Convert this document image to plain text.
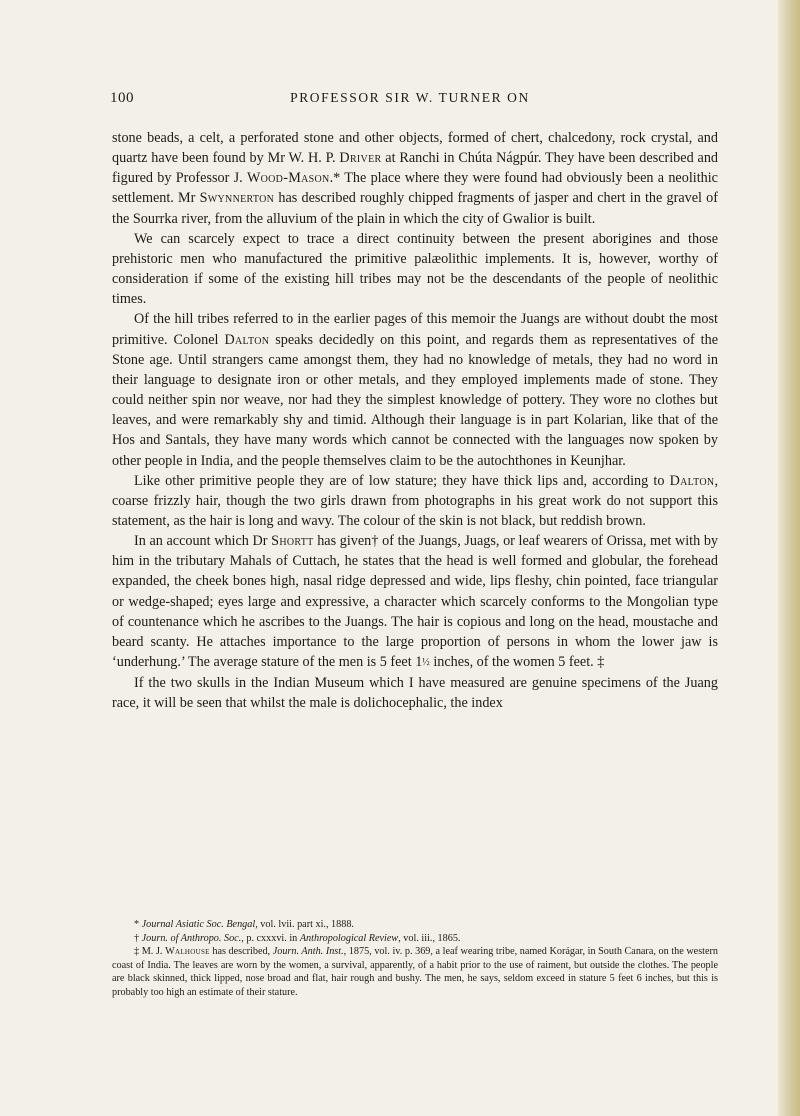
100	PROFESSOR SIR W. TURNER ON

stone beads, a celt, a perforated stone and other objects, formed of chert, chalcedony, rock crystal, and quartz have been found by Mr W. H. P. Driver at Ranchi in Chúta Nágpúr. They have been described and figured by Professor J. Wood-Mason.* The place where they were found had obviously been a neolithic settlement. Mr Swynnerton has described roughly chipped fragments of jasper and chert in the gravel of the Sourrka river, from the alluvium of the plain in which the city of Gwalior is built.

We can scarcely expect to trace a direct continuity between the present aborigines and those prehistoric men who manufactured the primitive palæolithic implements. It is, however, worthy of consideration if some of the existing hill tribes may not be the descendants of the people of neolithic times.

Of the hill tribes referred to in the earlier pages of this memoir the Juangs are without doubt the most primitive. Colonel Dalton speaks decidedly on this point, and regards them as representatives of the Stone age. Until strangers came amongst them, they had no knowledge of metals, they had no word in their language to designate iron or other metals, and they employed implements made of stone. They could neither spin nor weave, nor had they the simplest knowledge of pottery. They wore no clothes but leaves, and were remarkably shy and timid. Although their language is in part Kolarian, like that of the Hos and Santals, they have many words which cannot be connected with the languages now spoken by other people in India, and the people themselves claim to be the autochthones in Keunjhar.

Like other primitive people they are of low stature; they have thick lips and, according to Dalton, coarse frizzly hair, though the two girls drawn from photographs in his great work do not support this statement, as the hair is long and wavy. The colour of the skin is not black, but reddish brown.

In an account which Dr Shortt has given† of the Juangs, Juags, or leaf wearers of Orissa, met with by him in the tributary Mahals of Cuttach, he states that the head is well formed and globular, the forehead expanded, the cheek bones high, nasal ridge depressed and wide, lips fleshy, chin pointed, face triangular or wedge-shaped; eyes large and expressive, a character which scarcely conforms to the Mongolian type of countenance which he ascribes to the Juangs. The hair is copious and long on the head, moustache and beard scanty. He attaches importance to the large proportion of persons in whom the lower jaw is ‘underhung.’ The average stature of the men is 5 feet 1½ inches, of the women 5 feet. ‡

If the two skulls in the Indian Museum which I have measured are genuine specimens of the Juang race, it will be seen that whilst the male is dolichocephalic, the index

* Journal Asiatic Soc. Bengal, vol. lvii. part xi., 1888.

† Journ. of Anthropo. Soc., p. cxxxvi. in Anthropological Review, vol. iii., 1865.

‡ M. J. Walhouse has described, Journ. Anth. Inst., 1875, vol. iv. p. 369, a leaf wearing tribe, named Korágar, in South Canara, on the western coast of India. The leaves are worn by the women, a survival, apparently, of a habit prior to the use of raiment, but outside the clothes. The people are black skinned, thick lipped, nose broad and flat, hair rough and bushy. The men, he says, seldom exceed in stature 5 feet 6 inches, but this is probably too high an estimate of their stature.
